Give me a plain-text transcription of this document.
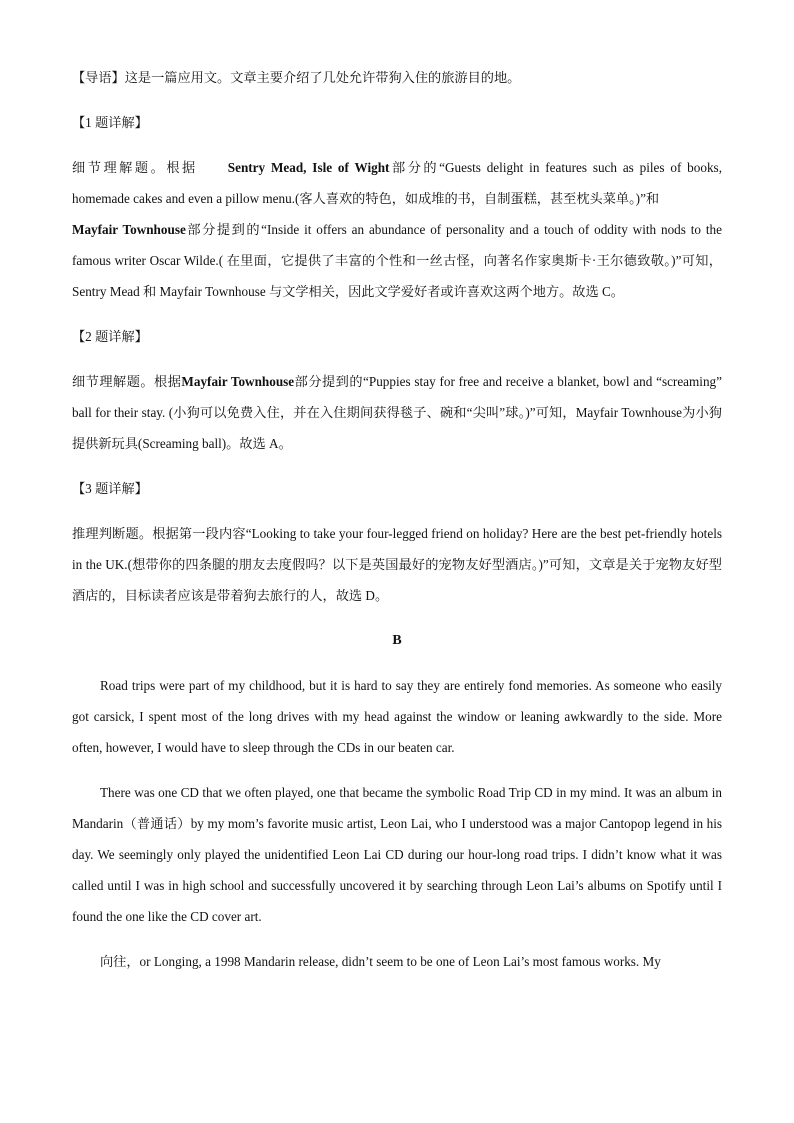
【导语】这是一篇应用文。文章主要介绍了几处允许带狗入住的旅游目的地。

【1 题详解】

细节理解题。根据 Sentry Mead, Isle of Wight部分的“Guests delight in features such as piles of books, homemade cakes and even a pillow menu.(客人喜欢的特色，如成堆的书，自制蛋糕，甚至枕头菜单。)”和
Mayfair Townhouse部分提到的“Inside it offers an abundance of personality and a touch of oddity with nods to the famous writer Oscar Wilde.( 在里面，它提供了丰富的个性和一丝古怪，向著名作家奥斯卡·王尔德致敬。)”可知，Sentry Mead 和 Mayfair Townhouse 与文学相关，因此文学爱好者或许喜欢这两个地方。故选 C。

【2 题详解】

细节理解题。根据Mayfair Townhouse部分提到的“Puppies stay for free and receive a blanket, bowl and “screaming” ball for their stay. (小狗可以免费入住，并在入住期间获得毯子、碗和“尖叫”球。)”可知，Mayfair Townhouse为小狗提供新玩具(Screaming ball)。故选 A。

【3 题详解】

推理判断题。根据第一段内容“Looking to take your four-legged friend on holiday? Here are the best pet-friendly hotels in the UK.(想带你的四条腿的朋友去度假吗？以下是英国最好的宠物友好型酒店。)”可知，文章是关于宠物友好型酒店的，目标读者应该是带着狗去旅行的人，故选 D。

B

Road trips were part of my childhood, but it is hard to say they are entirely fond memories. As someone who easily got carsick, I spent most of the long drives with my head against the window or leaning awkwardly to the side. More often, however, I would have to sleep through the CDs in our beaten car.

There was one CD that we often played, one that became the symbolic Road Trip CD in my mind. It was an album in Mandarin（普通话）by my mom’s favorite music artist, Leon Lai, who I understood was a major Cantopop legend in his day. We seemingly only played the unidentified Leon Lai CD during our hour-long road trips. I didn’t know what it was called until I was in high school and successfully uncovered it by searching through Leon Lai’s albums on Spotify until I found the one like the CD cover art.

向往，or Longing, a 1998 Mandarin release, didn’t seem to be one of Leon Lai’s most famous works. My
